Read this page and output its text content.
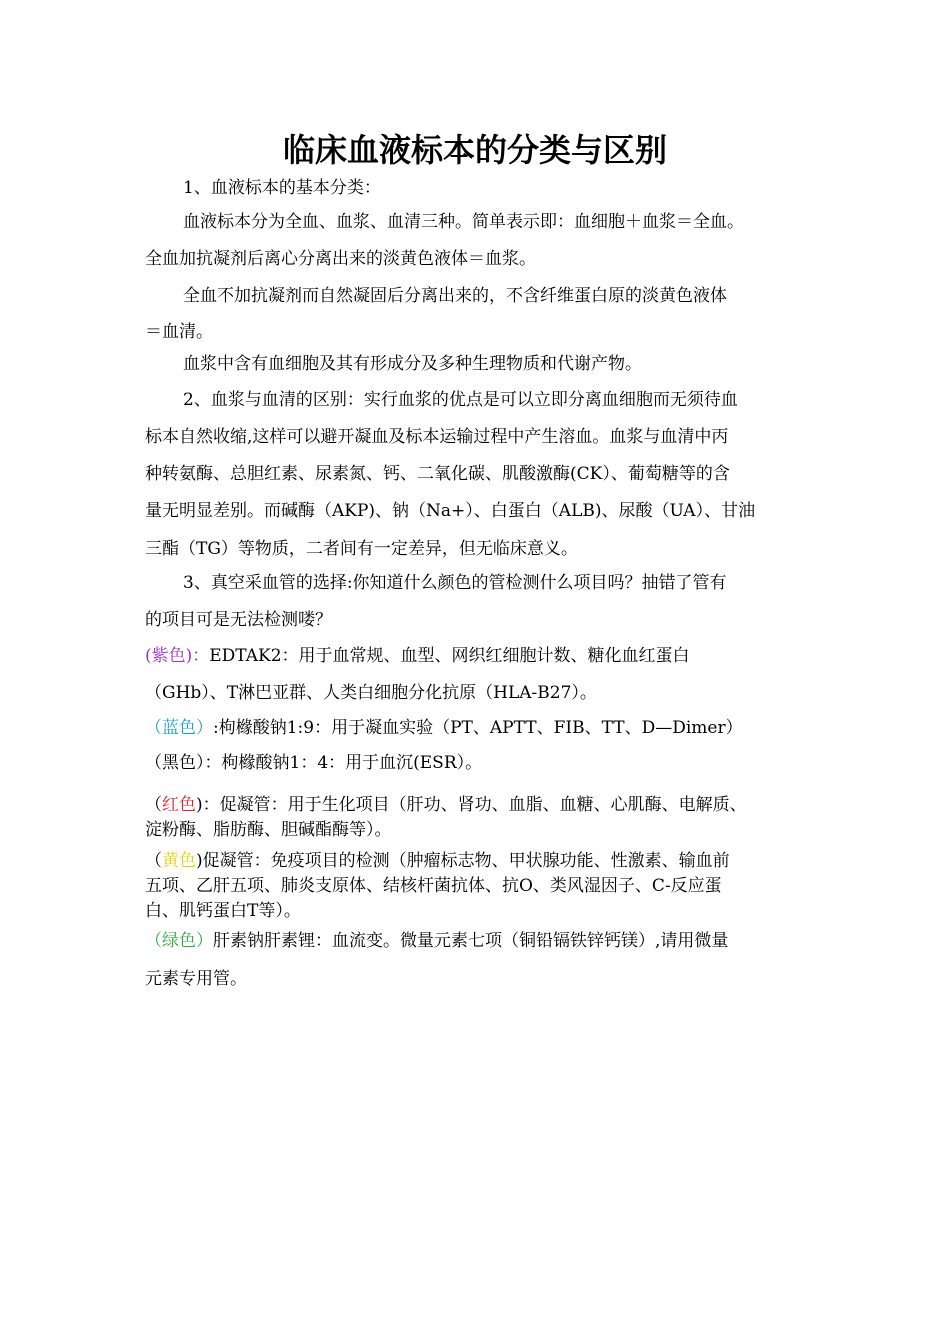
临床血液标本的分类与区别
1、血液标本的基本分类：
血液标本分为全血、血浆、血清三种。简单表示即：血细胞＋血浆＝全血。
全血加抗凝剂后离心分离出来的淡黄色液体＝血浆。
全血不加抗凝剂而自然凝固后分离出来的，不含纤维蛋白原的淡黄色液体
＝血清。
血浆中含有血细胞及其有形成分及多种生理物质和代谢产物。
2、血浆与血清的区别：实行血浆的优点是可以立即分离血细胞而无须待血
标本自然收缩,这样可以避开凝血及标本运输过程中产生溶血。血浆与血清中丙
种转氨酶、总胆红素、尿素氮、钙、二氧化碳、肌酸激酶(CK）、葡萄糖等的含
量无明显差别。而碱酶（AKP)、钠（Na+）、白蛋白（ALB)、尿酸（UA）、甘油
三酯（TG）等物质，二者间有一定差异，但无临床意义。
3、真空采血管的选择:你知道什么颜色的管检测什么项目吗？抽错了管有
的项目可是无法检测喽？
(紫色)：EDTAK2：用于血常规、血型、网织红细胞计数、糖化血红蛋白
（GHb）、T淋巴亚群、人类白细胞分化抗原（HLA-B27）。
（蓝色）:枸橼酸钠1:9：用于凝血实验（PT、APTT、FIB、TT、D—Dimer）
（黑色）：枸橼酸钠1：4：用于血沉(ESR）。
（红色)：促凝管：用于生化项目（肝功、肾功、血脂、血糖、心肌酶、电解质、
淀粉酶、脂肪酶、胆碱酯酶等）。
（黄色)促凝管：免疫项目的检测（肿瘤标志物、甲状腺功能、性激素、输血前
五项、乙肝五项、肺炎支原体、结核杆菌抗体、抗O、类风湿因子、C-反应蛋
白、肌钙蛋白T等）。
（绿色）肝素钠肝素锂：血流变。微量元素七项（铜铅镉铁锌钙镁）,请用微量
元素专用管。
